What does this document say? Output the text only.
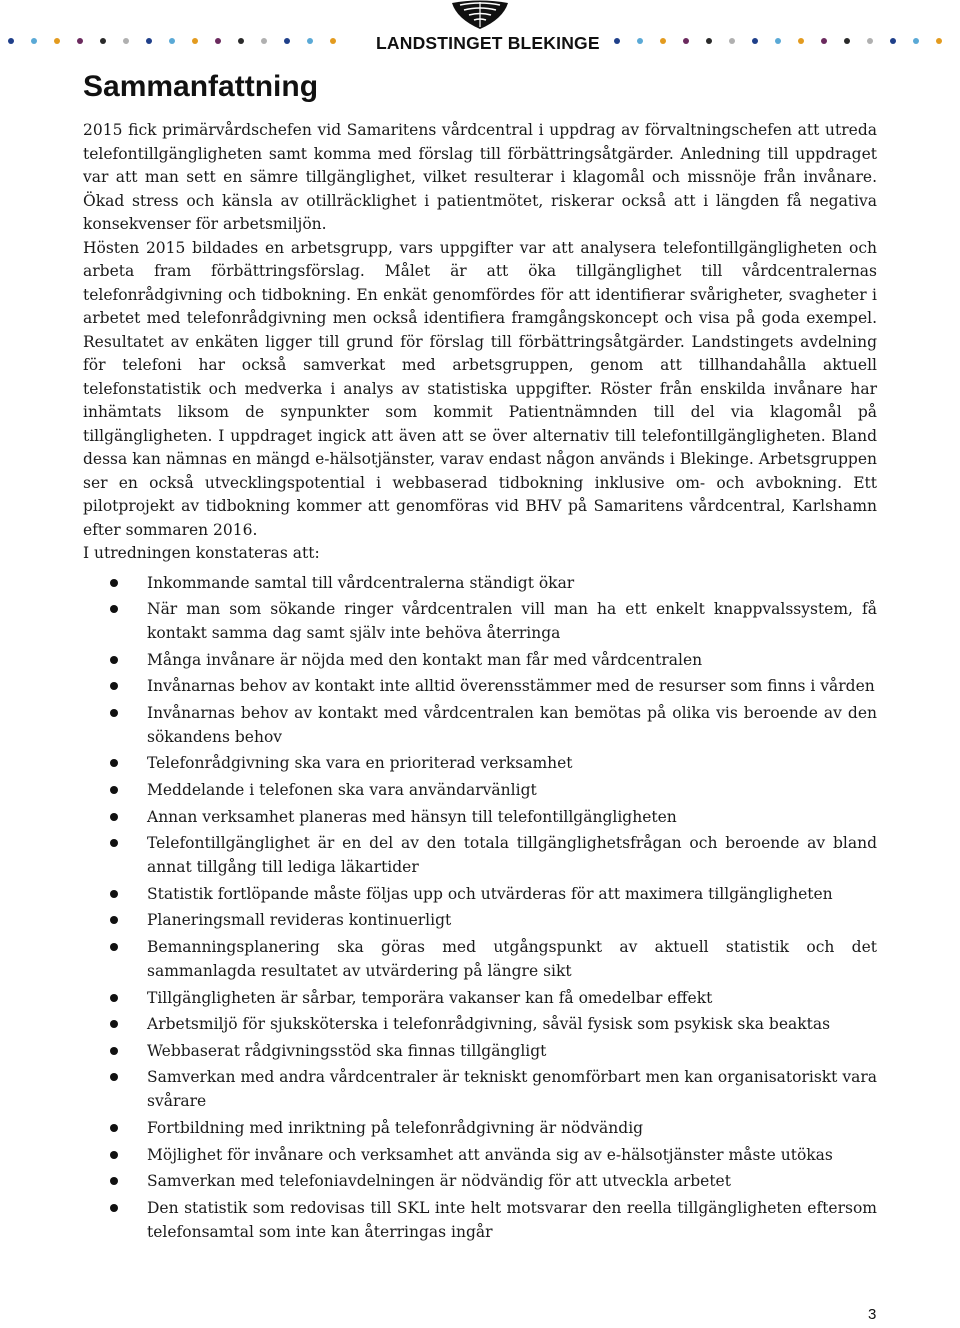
LANDSTINGET BLEKINGE
Sammanfattning

2015 fick primärvårdschefen vid Samaritens vårdcentral i uppdrag av förvaltningschefen att utreda telefontillgängligheten samt komma med förslag till förbättringsåtgärder. Anledning till uppdraget var att man sett en sämre tillgänglighet, vilket resulterar i klagomål och missnöje från invånare. Ökad stress och känsla av otillräcklighet i patientmötet, riskerar också att i längden få negativa konsekvenser för arbetsmiljön.

Hösten 2015 bildades en arbetsgrupp, vars uppgifter var att analysera telefontillgängligheten och arbeta fram förbättringsförslag. Målet är att öka tillgänglighet till vårdcentralernas telefonrådgivning och tidbokning. En enkät genomfördes för att identifierar svårigheter, svagheter i arbetet med telefonrådgivning men också identifiera framgångskoncept och visa på goda exempel. Resultatet av enkäten ligger till grund för förslag till förbättringsåtgärder. Landstingets avdelning för telefoni har också samverkat med arbetsgruppen, genom att tillhandahålla aktuell telefonstatistik och medverka i analys av statistiska uppgifter. Röster från enskilda invånare har inhämtats liksom de synpunkter som kommit Patientnämnden till del via klagomål på tillgängligheten. I uppdraget ingick att även att se över alternativ till telefontillgängligheten. Bland dessa kan nämnas en mängd e-hälsotjänster, varav endast någon används i Blekinge. Arbetsgruppen ser en också utvecklingspotential i webbaserad tidbokning inklusive om- och avbokning. Ett pilotprojekt av tidbokning kommer att genomföras vid BHV på Samaritens vårdcentral, Karlshamn efter sommaren 2016.

I utredningen konstateras att:

Inkommande samtal till vårdcentralerna ständigt ökar
När man som sökande ringer vårdcentralen vill man ha ett enkelt knappvalssystem, få kontakt samma dag samt själv inte behöva återringa
Många invånare är nöjda med den kontakt man får med vårdcentralen
Invånarnas behov av kontakt inte alltid överensstämmer med de resurser som finns i vården
Invånarnas behov av kontakt med vårdcentralen kan bemötas på olika vis beroende av den sökandens behov
Telefonrådgivning ska vara en prioriterad verksamhet
Meddelande i telefonen ska vara användarvänligt
Annan verksamhet planeras med hänsyn till telefontillgängligheten
Telefontillgänglighet är en del av den totala tillgänglighetsfrågan och beroende av bland annat tillgång till lediga läkartider
Statistik fortlöpande måste följas upp och utvärderas för att maximera tillgängligheten
Planeringsmall revideras kontinuerligt
Bemanningsplanering ska göras med utgångspunkt av aktuell statistik och det sammanlagda resultatet av utvärdering på längre sikt
Tillgängligheten är sårbar, temporära vakanser kan få omedelbar effekt
Arbetsmiljö för sjuksköterska i telefonrådgivning, såväl fysisk som psykisk ska beaktas
Webbaserat rådgivningsstöd ska finnas tillgängligt
Samverkan med andra vårdcentraler är tekniskt genomförbart men kan organisatoriskt vara svårare
Fortbildning med inriktning på telefonrådgivning är nödvändig
Möjlighet för invånare och verksamhet att använda sig av e-hälsotjänster måste utökas
Samverkan med telefoniavdelningen är nödvändig för att utveckla arbetet
Den statistik som redovisas till SKL inte helt motsvarar den reella tillgängligheten eftersom telefonsamtal som inte kan återringas ingår
3
